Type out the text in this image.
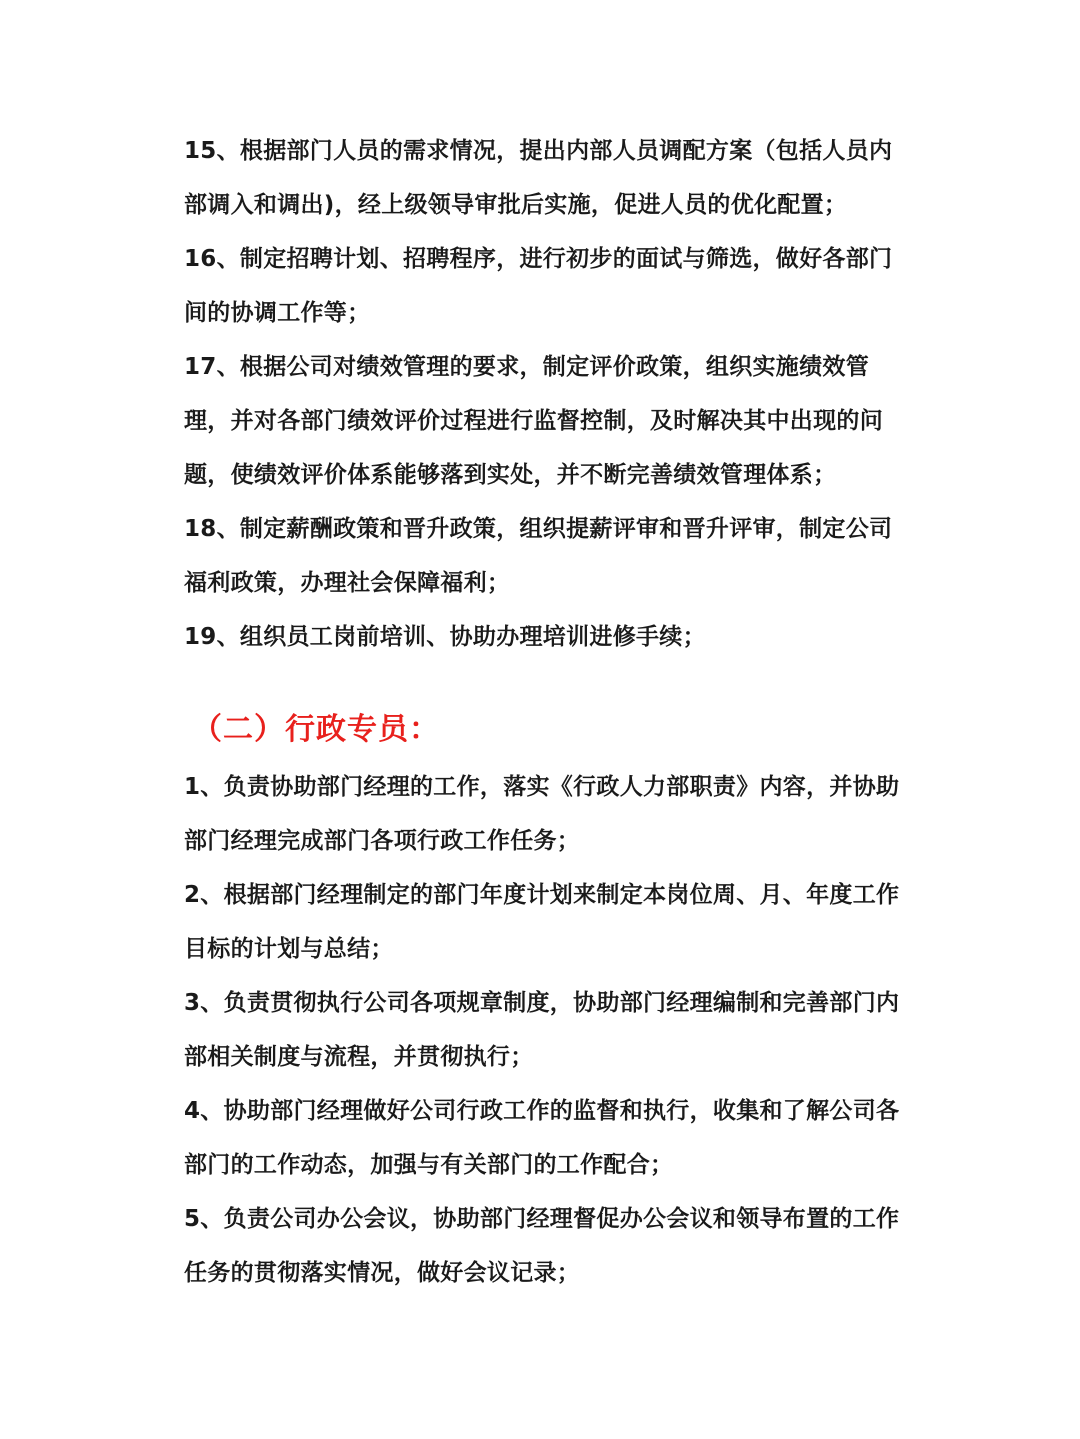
15、根据部门人员的需求情况，提出内部人员调配方案（包括人员内部调入和调出)，经上级领导审批后实施，促进人员的优化配置；

16、制定招聘计划、招聘程序，进行初步的面试与筛选，做好各部门间的协调工作等；

17、根据公司对绩效管理的要求，制定评价政策，组织实施绩效管理，并对各部门绩效评价过程进行监督控制，及时解决其中出现的问题，使绩效评价体系能够落到实处，并不断完善绩效管理体系；

18、制定薪酬政策和晋升政策，组织提薪评审和晋升评审，制定公司福利政策，办理社会保障福利；

19、组织员工岗前培训、协助办理培训进修手续；

（二）行政专员：

1、负责协助部门经理的工作，落实《行政人力部职责》内容，并协助部门经理完成部门各项行政工作任务；

2、根据部门经理制定的部门年度计划来制定本岗位周、月、年度工作目标的计划与总结；

3、负责贯彻执行公司各项规章制度，协助部门经理编制和完善部门内部相关制度与流程，并贯彻执行；

4、协助部门经理做好公司行政工作的监督和执行，收集和了解公司各部门的工作动态，加强与有关部门的工作配合；

5、负责公司办公会议，协助部门经理督促办公会议和领导布置的工作任务的贯彻落实情况，做好会议记录；
